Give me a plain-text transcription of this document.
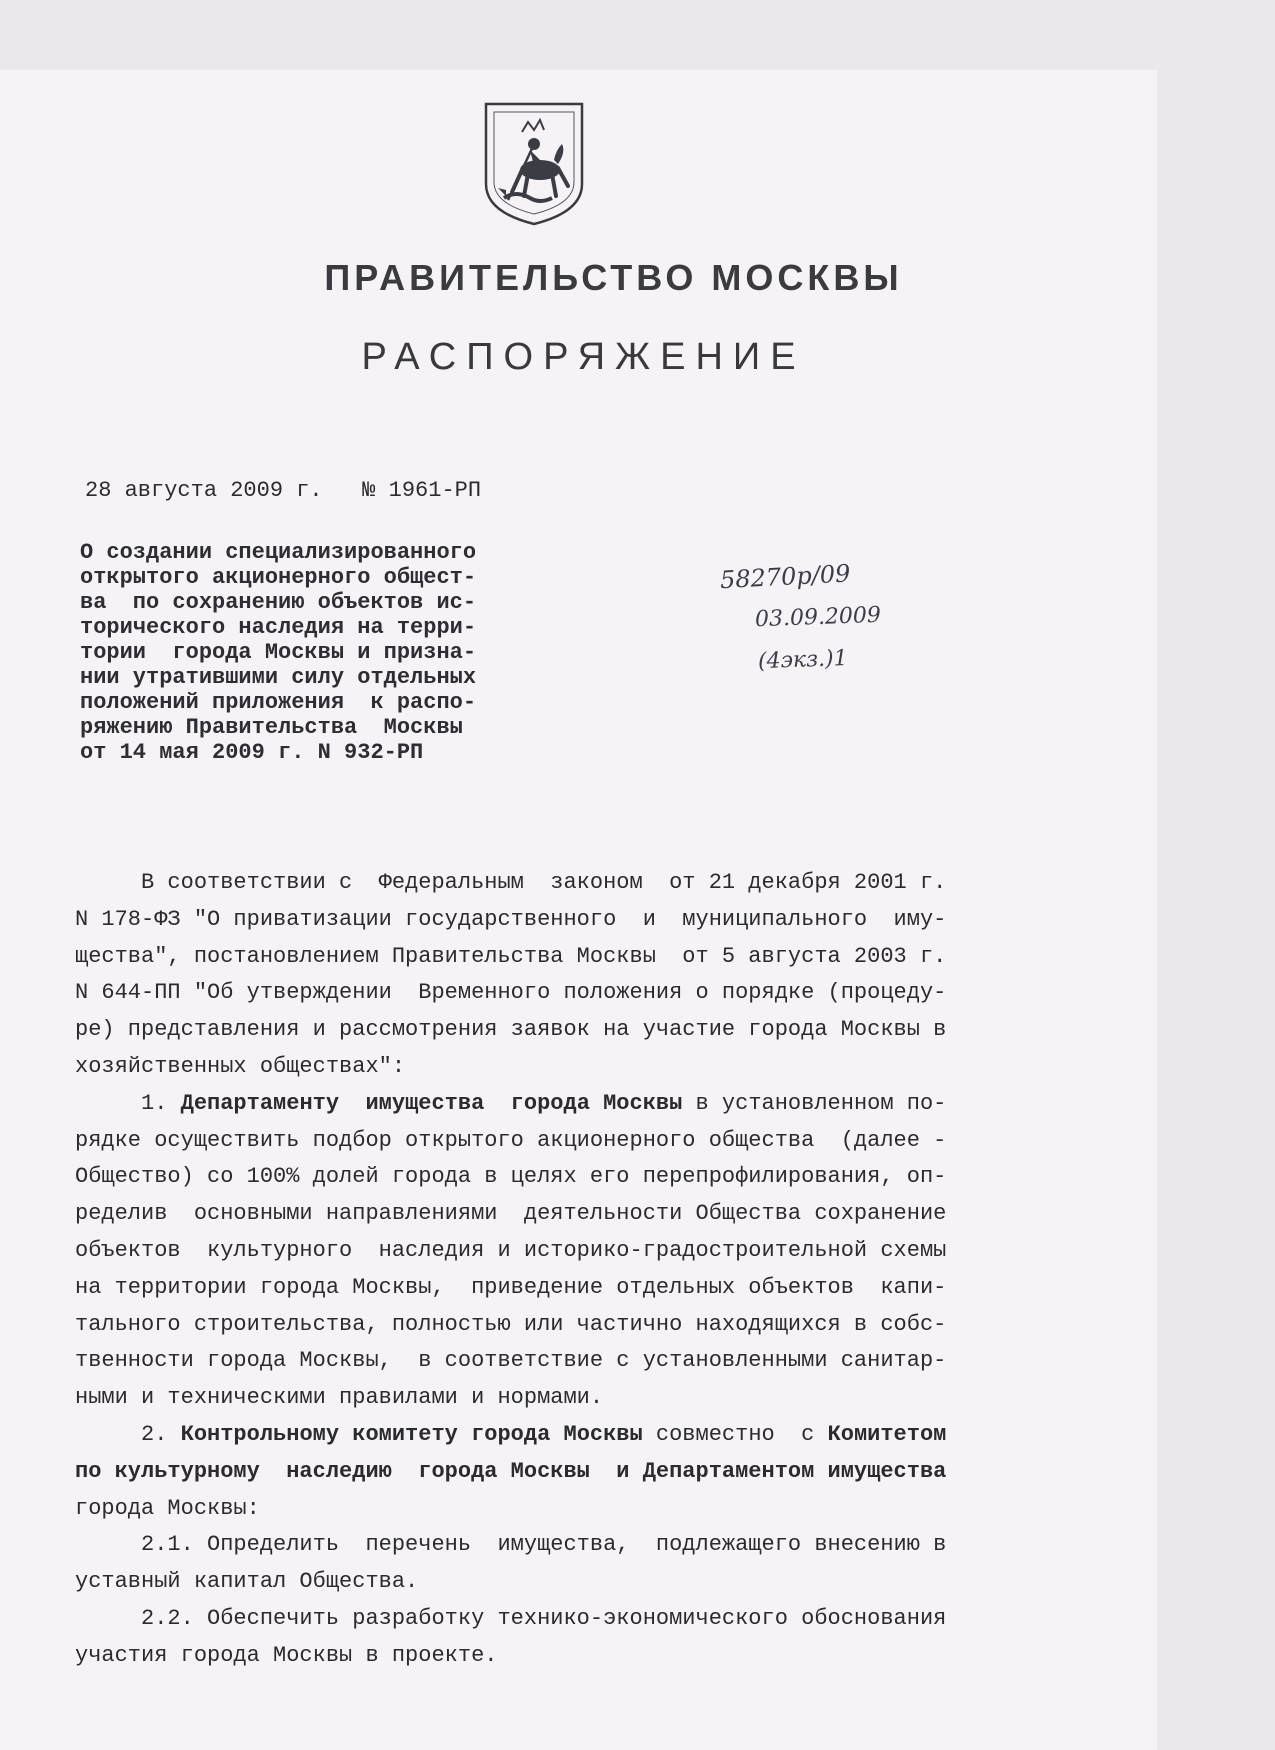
ПРАВИТЕЛЬСТВО МОСКВЫ
РАСПОРЯЖЕНИЕ
28 августа 2009 г.   № 1961-РП
О создании специализированного
открытого акционерного общест-
ва  по сохранению объектов ис-
торического наследия на терри-
тории  города Москвы и призна-
нии утратившими силу отдельных
положений приложения  к распо-
ряжению Правительства  Москвы
от 14 мая 2009 г. N 932-РП
58270р/09
03.09.2009
(4экз.)1
В соответствии с  Федеральным  законом  от 21 декабря 2001 г.
N 178-ФЗ "О приватизации государственного  и  муниципального  иму-
щества", постановлением Правительства Москвы  от 5 августа 2003 г.
N 644-ПП "Об утверждении  Временного положения о порядке (процеду-
ре) представления и рассмотрения заявок на участие города Москвы в
хозяйственных обществах":
1. Департаменту  имущества  города Москвы в установленном по-
рядке осуществить подбор открытого акционерного общества  (далее -
Общество) со 100% долей города в целях его перепрофилирования, оп-
ределив  основными направлениями  деятельности Общества сохранение
объектов  культурного  наследия и историко-градостроительной схемы
на территории города Москвы,  приведение отдельных объектов  капи-
тального строительства, полностью или частично находящихся в собс-
твенности города Москвы,  в соответствие с установленными санитар-
ными и техническими правилами и нормами.
2. Контрольному комитету города Москвы совместно  с Комитетом
по культурному  наследию  города Москвы  и Департаментом имущества
города Москвы:
2.1. Определить  перечень  имущества,  подлежащего внесению в
уставный капитал Общества.
2.2. Обеспечить разработку технико-экономического обоснования
участия города Москвы в проекте.
